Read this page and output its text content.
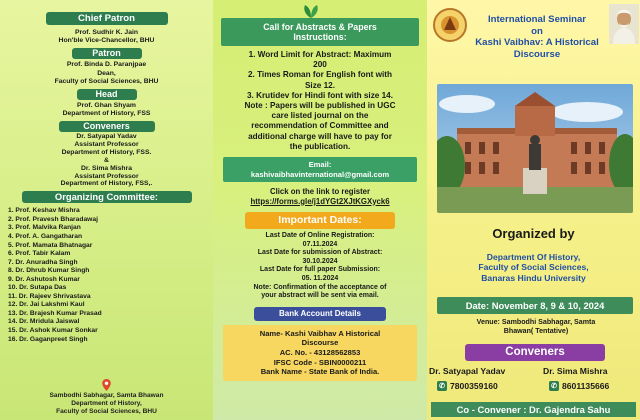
Chief Patron
Prof. Sudhir K. Jain
Hon'ble Vice-Chancellor, BHU
Patron
Prof. Binda D. Paranjpae
Dean,
Faculty of Social Sciences, BHU
Head
Prof. Ghan Shyam
Department of History, FSS
Conveners
Dr. Satyapal Yadav
Assistant Professor
Department of History, FSS.
&
Dr. Sima Mishra
Assistant Professor
Department of History, FSS,.
Organizing Committee:
1. Prof. Keshav Mishra
2. Prof. Pravesh Bharadawaj
3. Prof. Malvika Ranjan
4. Prof. A. Gangatharan
5. Prof. Mamata Bhatnagar
6. Prof. Tabir Kalam
7. Dr. Anuradha Singh
8. Dr. Dhrub Kumar Singh
9. Dr. Ashutosh Kumar
10. Dr. Sutapa Das
11. Dr. Rajeev Shrivastava
12. Dr. Jai Lakshmi Kaul
13. Dr. Brajesh Kumar Prasad
14. Dr. Mridula Jaiswal
15. Dr. Ashok Kumar Sonkar
16. Dr. Gaganpreet Singh
Sambodhi Sabhagar, Samta Bhawan
Department of History,
Faculty of Social Sciences, BHU
Call for Abstracts & Papers
Instructions:
1. Word Limit for Abstract: Maximum
200
2. Times Roman for English font with
Size 12.
3. Krutidev for Hindi font with size 14.
Note : Papers will be published in UGC
care listed journal on the
recommendation of Committee and
additional charge will have to pay for
the publication.
Email:
kashivaibhavinternational@gmail.com
Click on the link to register
https://forms.gle/j1dYGt2XJtKGXyck6
Important Dates:
Last Date of Online Registration:
07.11.2024
Last Date for submission of Abstract:
30.10.2024
Last Date for full paper Submission:
05. 11.2024
Note: Confirmation of the acceptance of
your abstract will be sent via email.
Bank Account Details
Name- Kashi Vaibhav A Historical
Discourse
AC. No. - 43128562853
IFSC Code - SBIN0000211
Bank Name - State Bank of India.
International Seminar
on
Kashi Vaibhav: A Historical Discourse
Organized by
Department Of History,
Faculty of Social Sciences,
Banaras Hindu University
Date: November 8, 9 & 10, 2024
Venue: Sambodhi Sabhagar, Samta
Bhawan( Tentative)
Conveners
Dr. Satyapal Yadav	Dr. Sima Mishra
✆ 7800359160	✆ 8601135666
Co - Convener : Dr. Gajendra Sahu
